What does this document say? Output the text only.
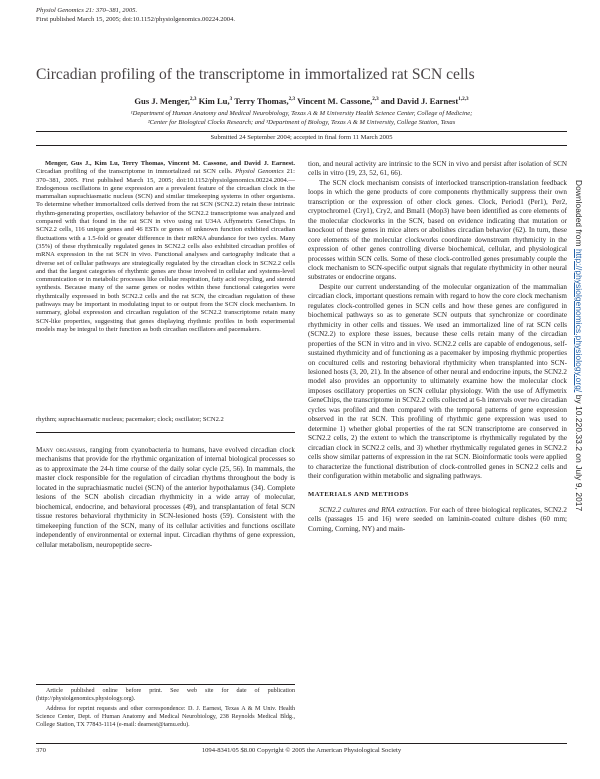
Physiol Genomics 21: 370–381, 2005.
First published March 15, 2005; doi:10.1152/physiolgenomics.00224.2004.
Circadian profiling of the transcriptome in immortalized rat SCN cells
Gus J. Menger,$^{2,3}$ Kim Lu,$^3$ Terry Thomas,$^{2,3}$ Vincent M. Cassone,$^{2,3}$ and David J. Earnest$^{1,2,3}$
¹Department of Human Anatomy and Medical Neurobiology, Texas A & M University Health Science Center, College of Medicine;
²Center for Biological Clocks Research; and ³Department of Biology, Texas A & M University, College Station, Texas
Submitted 24 September 2004; accepted in final form 11 March 2005

Menger, Gus J., Kim Lu, Terry Thomas, Vincent M. Cassone, and David J. Earnest. Circadian profiling of the transcriptome in immortalized rat SCN cells. Physiol Genomics 21: 370–381, 2005. First published March 15, 2005; doi:10.1152/physiolgenomics.00224.2004.—Endogenous oscillations in gene expression are a prevalent feature of the circadian clock in the mammalian suprachiasmatic nucleus (SCN) and similar timekeeping systems in other organisms. To determine whether immortalized cells derived from the rat SCN (SCN2.2) retain these intrinsic rhythm-generating properties, oscillatory behavior of the SCN2.2 transcriptome was analyzed and compared with that found in the rat SCN in vivo using rat U34A Affymetrix GeneChips. In SCN2.2 cells, 116 unique genes and 46 ESTs or genes of unknown function exhibited circadian fluctuations with a 1.5-fold or greater difference in their mRNA abundance for two cycles. Many (35%) of these rhythmically regulated genes in SCN2.2 cells also exhibited circadian profiles of mRNA expression in the rat SCN in vivo. Functional analyses and cartography indicate that a diverse set of cellular pathways are strategically regulated by the circadian clock in SCN2.2 cells and that the largest categories of rhythmic genes are those involved in cellular and systems-level communication or in metabolic processes like cellular respiration, fatty acid recycling, and steroid synthesis. Because many of the same genes or nodes within these functional categories were rhythmically expressed in both SCN2.2 cells and the rat SCN, the circadian regulation of these pathways may be important in modulating input to or output from the SCN clock mechanism. In summary, global expression and circadian regulation of the SCN2.2 transcriptome retain many SCN-like properties, suggesting that genes displaying rhythmic profiles in both experimental models may be integral to their function as both circadian oscillators and pacemakers.

rhythm; suprachiasmatic nucleus; pacemaker; clock; oscillator; SCN2.2

Many organisms, ranging from cyanobacteria to humans, have evolved circadian clock mechanisms that provide for the rhythmic organization of internal biological processes so as to approximate the 24-h time course of the daily solar cycle (25, 56). In mammals, the master clock responsible for the regulation of circadian rhythms throughout the body is located in the suprachiasmatic nuclei (SCN) of the anterior hypothalamus (34). Complete lesions of the SCN abolish circadian rhythmicity in a wide array of molecular, biochemical, endocrine, and behavioral processes (49), and transplantation of fetal SCN tissue restores behavioral rhythmicity in SCN-lesioned hosts (59). Consistent with the timekeeping function of the SCN, many of its cellular activities and functions oscillate independently of environmental or external input. Circadian rhythms of gene expression, cellular metabolism, neuropeptide secre-

Article published online before print. See web site for date of publication (http://physiolgenomics.physiology.org).

Address for reprint requests and other correspondence: D. J. Earnest, Texas A & M Univ. Health Science Center, Dept. of Human Anatomy and Medical Neurobiology, 238 Reynolds Medical Bldg., College Station, TX 77843-1114 (e-mail: dearnest@tamu.edu).

tion, and neural activity are intrinsic to the SCN in vivo and persist after isolation of SCN cells in vitro (19, 23, 52, 61, 66).

The SCN clock mechanism consists of interlocked transcription-translation feedback loops in which the gene products of core components rhythmically suppress their own transcription or the expression of other clock genes. Clock, Period1 (Per1), Per2, cryptochrome1 (Cry1), Cry2, and Bmal1 (Mop3) have been identified as core elements of the molecular clockworks in the SCN, based on evidence indicating that mutation or knockout of these genes in mice alters or abolishes circadian behavior (62). In turn, these core elements of the molecular clockworks coordinate downstream rhythmicity in the expression of other genes controlling diverse biochemical, cellular, and physiological processes within SCN cells. Some of these clock-controlled genes presumably couple the clock mechanism to SCN-specific output signals that regulate rhythmicity in other neural substrates or endocrine organs.

Despite our current understanding of the molecular organization of the mammalian circadian clock, important questions remain with regard to how the core clock mechanism regulates clock-controlled genes in SCN cells and how these genes are configured in biochemical pathways so as to generate SCN outputs that synchronize or coordinate rhythmicity in other cells and tissues. We used an immortalized line of rat SCN cells (SCN2.2) to explore these issues, because these cells retain many of the circadian properties of the SCN in vitro and in vivo. SCN2.2 cells are capable of endogenous, self-sustained rhythmicity and of functioning as a pacemaker by imposing rhythmic properties on cocultured cells and restoring behavioral rhythmicity when transplanted into SCN-lesioned hosts (3, 20, 21). In the absence of other neural and endocrine inputs, the SCN2.2 model also provides an opportunity to ultimately examine how the molecular clock imposes oscillatory properties on SCN cellular physiology. With the use of Affymetrix GeneChips, the transcriptome in SCN2.2 cells collected at 6-h intervals over two circadian cycles was profiled and then compared with the temporal patterns of gene expression observed in the rat SCN. This profiling of rhythmic gene expression was used to determine 1) whether global properties of the rat SCN transcriptome are conserved in SCN2.2 cells, 2) the extent to which the transcriptome is rhythmically regulated by the circadian clock in SCN2.2 cells, and 3) whether rhythmically regulated genes in SCN2.2 cells show similar patterns of expression in the rat SCN. Bioinformatic tools were applied to characterize the functional distribution of clock-controlled genes in SCN2.2 cells and their configuration within metabolic and signaling pathways.

MATERIALS AND METHODS

SCN2.2 cultures and RNA extraction. For each of three biological replicates, SCN2.2 cells (passages 15 and 16) were seeded on laminin-coated culture dishes (60 mm; Corning, Corning, NY) and main-

370	1094-8341/05 $8.00 Copyright © 2005 the American Physiological Society
Downloaded from http://physiolgenomics.physiology.org/ by 10.220.33.2 on July 9, 2017
